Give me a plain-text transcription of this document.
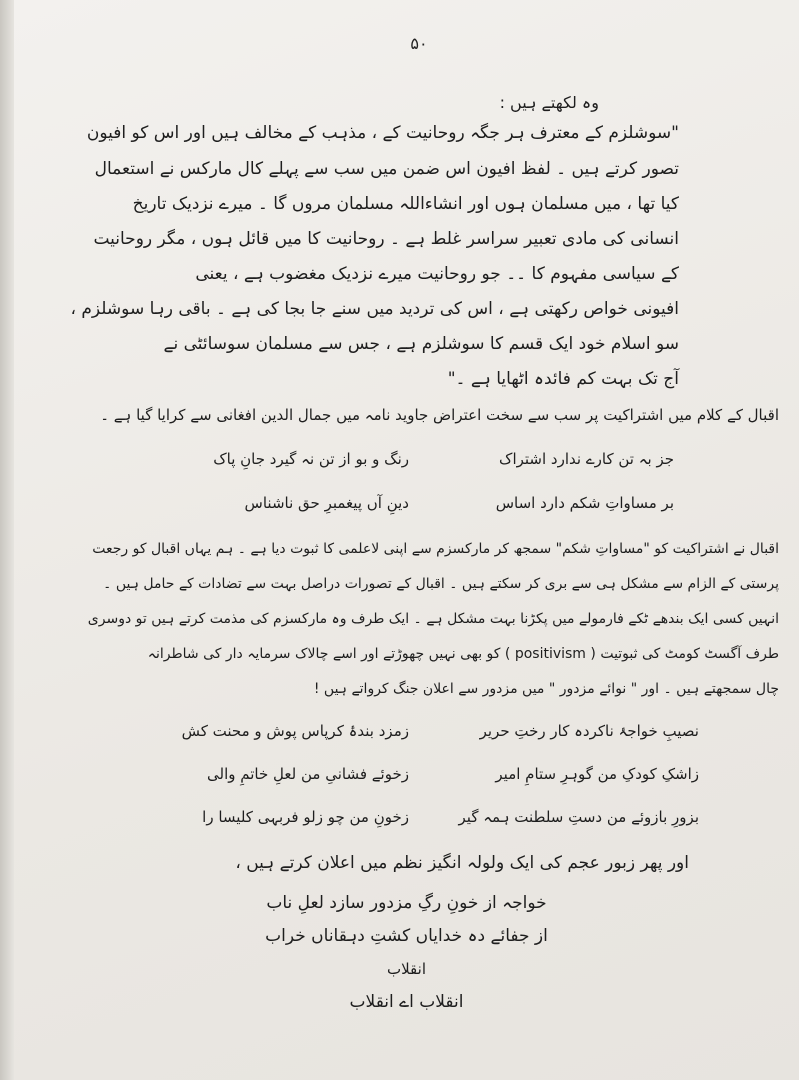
۵۰
وہ لکھتے ہیں :
"سوشلزم کے معترف ہر جگہ روحانیت کے ، مذہب کے مخالف ہیں اور اس کو افیون
تصور کرتے ہیں ۔ لفظ افیون اس ضمن میں سب سے پہلے کال مارکس نے استعمال
کیا تھا ، میں مسلمان ہوں اور انشاءاللہ مسلمان مروں گا ۔ میرے نزدیک تاریخ
انسانی کی مادی تعبیر سراسر غلط ہے ۔ روحانیت کا میں قائل ہوں ، مگر روحانیت
کے سیاسی مفہوم کا ۔۔ جو روحانیت میرے نزدیک مغضوب ہے ، یعنی
افیونی خواص رکھتی ہے ، اس کی تردید میں سنے جا بجا کی ہے ۔ باقی رہا سوشلزم ،
سو اسلام خود ایک قسم کا سوشلزم ہے ، جس سے مسلمان سوسائٹی نے
آج تک بہت کم فائدہ اٹھایا ہے ۔"
اقبال کے کلام میں اشتراکیت پر سب سے سخت اعتراض جاوید نامہ میں جمال الدین افغانی سے کرایا گیا ہے ۔
رنگ و بو از تن نہ گیرد جانِ پاک	جز بہ تن کارے ندارد اشتراک
دینِ آں پیغمبرِ حق ناشناس	بر مساواتِ شکم دارد اساس
اقبال نے اشتراکیت کو "مساواتِ شکم" سمجھ کر مارکسزم سے اپنی لاعلمی کا ثبوت دیا ہے ۔ ہم یہاں اقبال کو رجعت
پرستی کے الزام سے مشکل ہی سے بری کر سکتے ہیں ۔ اقبال کے تصورات دراصل بہت سے تضادات کے حامل ہیں ۔
انہیں کسی ایک بندھے ٹکے فارمولے میں پکڑنا بہت مشکل ہے ۔ ایک طرف وہ مارکسزم کی مذمت کرتے ہیں تو دوسری
طرف آگسٹ کومٹ کی ثبوتیت ( positivism ) کو بھی نہیں چھوڑتے اور اسے چالاک سرمایہ دار کی شاطرانہ
چال سمجھتے ہیں ۔ اور " نوائے مزدور " میں مزدور سے اعلان جنگ کرواتے ہیں !
زمزد بندۂ کرپاس پوش و محنت کش	نصیبِ خواجۂ ناکردہ کار رختِ حریر
زخوئے فشانیِ من لعلِ خاتمِ والی	زاشکِ کودکِ من گوہرِ ستامِ امیر
زخونِ من چو زلو فربہی کلیسا را	بزورِ بازوئے من دستِ سلطنت ہمہ گیر
اور پھر زبور عجم کی ایک ولولہ انگیز نظم میں اعلان کرتے ہیں ،
خواجہ از خونِ رگِ مزدور سازد لعلِ ناب
از جفائے دہ خدایاں کشتِ دہقاناں خراب
انقلاب
انقلاب اے انقلاب
